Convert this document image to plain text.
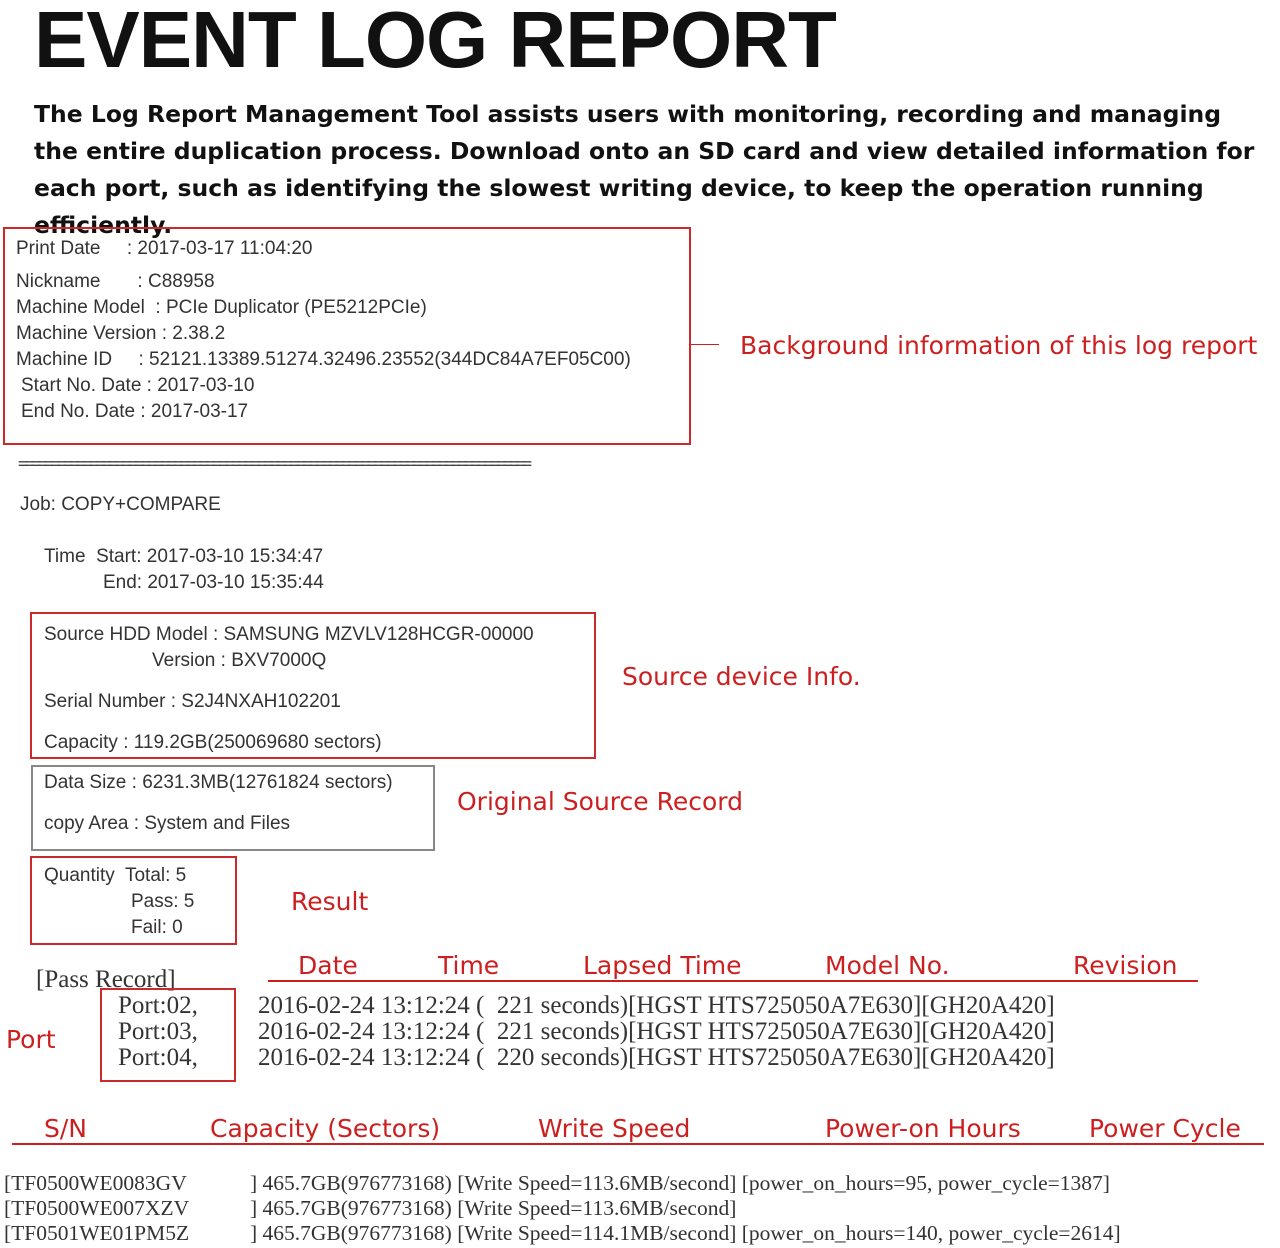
EVENT LOG REPORT
The Log Report Management Tool assists users with monitoring, recording and managing the entire duplication process. Download onto an SD card and view detailed information for each port, such as identifying the slowest writing device, to keep the operation running efficiently.
Print Date     : 2017-03-17 11:04:20
Nickname       : C88958
Machine Model  : PCIe Duplicator (PE5212PCIe)
Machine Version : 2.38.2
Machine ID     : 52121.13389.51274.32496.23552(344DC84A7EF05C00)
Start No. Date : 2017-03-10
End No. Date : 2017-03-17
Background information of this log report
===============================================================================
Job: COPY+COMPARE
Time  Start: 2017-03-10 15:34:47
End: 2017-03-10 15:35:44
Source HDD Model : SAMSUNG MZVLV128HCGR-00000
Version : BXV7000Q
Serial Number : S2J4NXAH102201
Capacity : 119.2GB(250069680 sectors)
Source device Info.
Data Size : 6231.3MB(12761824 sectors)
copy Area : System and Files
Original Source Record
Quantity  Total: 5
Pass: 5
Fail: 0
Result
Date	Time	Lapsed Time	Model No.	Revision
[Pass Record]
Port
Port:02, 2016-02-24 13:12:24 (  221 seconds)[HGST HTS725050A7E630][GH20A420]
Port:03, 2016-02-24 13:12:24 (  221 seconds)[HGST HTS725050A7E630][GH20A420]
Port:04, 2016-02-24 13:12:24 (  220 seconds)[HGST HTS725050A7E630][GH20A420]
S/N	Capacity (Sectors)	Write Speed	Power-on Hours	Power Cycle
[TF0500WE0083GV	] 465.7GB(976773168) [Write Speed=113.6MB/second] [power_on_hours=95, power_cycle=1387]
[TF0500WE007XZV	] 465.7GB(976773168) [Write Speed=113.6MB/second]
[TF0501WE01PM5Z	] 465.7GB(976773168) [Write Speed=114.1MB/second] [power_on_hours=140, power_cycle=2614]
